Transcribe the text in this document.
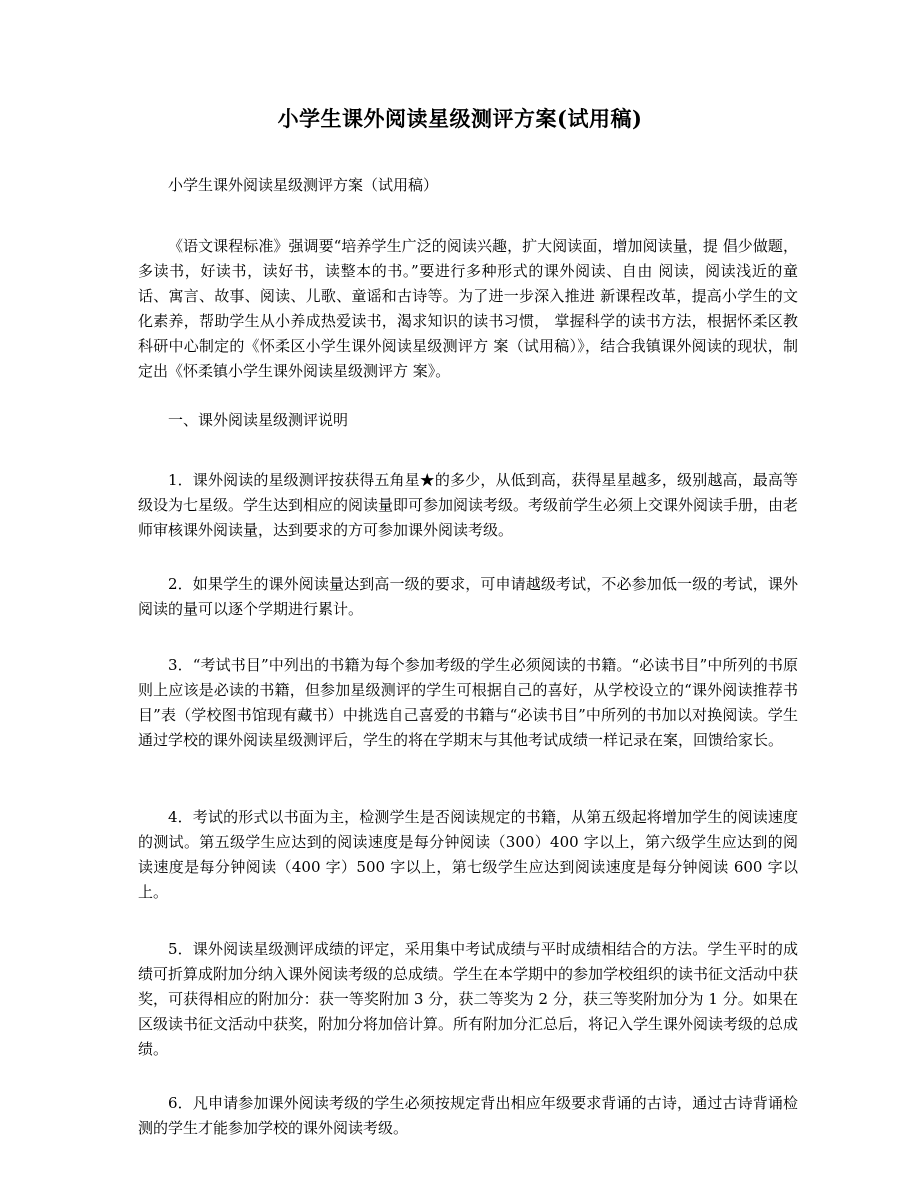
小学生课外阅读星级测评方案(试用稿)

小学生课外阅读星级测评方案（试用稿）

《语文课程标准》强调要“培养学生广泛的阅读兴趣，扩大阅读面，增加阅读量，提 倡少做题，多读书，好读书，读好书，读整本的书。”要进行多种形式的课外阅读、自由 阅读，阅读浅近的童话、寓言、故事、阅读、儿歌、童谣和古诗等。为了进一步深入推进 新课程改革，提高小学生的文化素养，帮助学生从小养成热爱读书，渴求知识的读书习惯， 掌握科学的读书方法，根据怀柔区教科研中心制定的《怀柔区小学生课外阅读星级测评方 案（试用稿）》，结合我镇课外阅读的现状，制定出《怀柔镇小学生课外阅读星级测评方 案》。

一、课外阅读星级测评说明

1．课外阅读的星级测评按获得五角星★的多少，从低到高，获得星星越多，级别越高，最高等级设为七星级。学生达到相应的阅读量即可参加阅读考级。考级前学生必须上交课外阅读手册，由老师审核课外阅读量，达到要求的方可参加课外阅读考级。

2．如果学生的课外阅读量达到高一级的要求，可申请越级考试，不必参加低一级的考试，课外阅读的量可以逐个学期进行累计。

3．“考试书目”中列出的书籍为每个参加考级的学生必须阅读的书籍。“必读书目”中所列的书原则上应该是必读的书籍，但参加星级测评的学生可根据自己的喜好，从学校设立的“课外阅读推荐书目”表（学校图书馆现有藏书）中挑选自己喜爱的书籍与“必读书目”中所列的书加以对换阅读。学生通过学校的课外阅读星级测评后，学生的将在学期末与其他考试成绩一样记录在案，回馈给家长。

4．考试的形式以书面为主，检测学生是否阅读规定的书籍，从第五级起将增加学生的阅读速度的测试。第五级学生应达到的阅读速度是每分钟阅读（300）400 字以上，第六级学生应达到的阅读速度是每分钟阅读（400 字）500 字以上，第七级学生应达到阅读速度是每分钟阅读 600 字以上。

5．课外阅读星级测评成绩的评定，采用集中考试成绩与平时成绩相结合的方法。学生平时的成绩可折算成附加分纳入课外阅读考级的总成绩。学生在本学期中的参加学校组织的读书征文活动中获奖，可获得相应的附加分：获一等奖附加 3 分，获二等奖为 2 分，获三等奖附加分为 1 分。如果在区级读书征文活动中获奖，附加分将加倍计算。所有附加分汇总后，将记入学生课外阅读考级的总成绩。

6．凡申请参加课外阅读考级的学生必须按规定背出相应年级要求背诵的古诗，通过古诗背诵检测的学生才能参加学校的课外阅读考级。
